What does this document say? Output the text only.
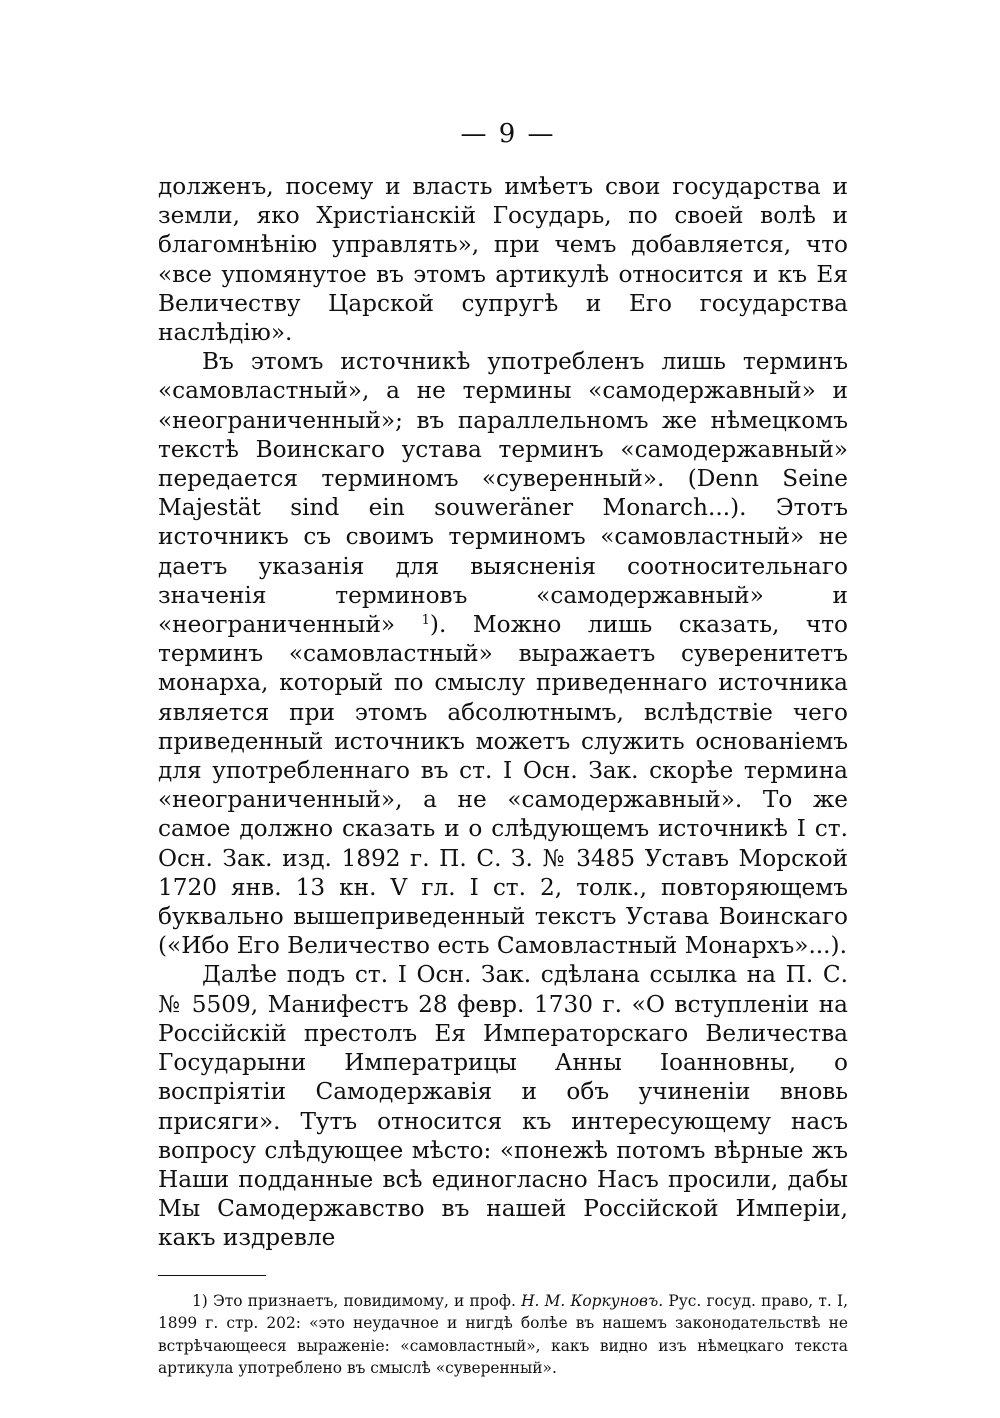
— 9 —

долженъ, посему и власть имѣетъ свои государства и земли, яко Христіанскій Государь, по своей волѣ и благомнѣнію управлять», при чемъ добавляется, что «все упомянутое въ этомъ артикулѣ относится и къ Ея Величеству Царской супругѣ и Его государства наслѣдію».

Въ этомъ источникѣ употребленъ лишь терминъ «самовластный», а не термины «самодержавный» и «неограниченный»; въ параллельномъ же нѣмецкомъ текстѣ Воинскаго устава терминъ «самодержавный» передается терминомъ «суверенный». (Denn Seine Majestät sind ein souweräner Monarch...). Этотъ источникъ съ своимъ терминомъ «самовластный» не даетъ указанія для выясненія соотносительнаго значенія терминовъ «самодержавный» и «неограниченный» $^1$). Можно лишь сказать, что терминъ «самовластный» выражаетъ суверенитетъ монарха, который по смыслу приведеннаго источника является при этомъ абсолютнымъ, вслѣдствіе чего приведенный источникъ можетъ служить основаніемъ для употребленнаго въ ст. I Осн. Зак. скорѣе термина «неограниченный», а не «самодержавный». То же самое должно сказать и о слѣдующемъ источникѣ I ст. Осн. Зак. изд. 1892 г. П. С. З. № 3485 Уставъ Морской 1720 янв. 13 кн. V гл. I ст. 2, толк., повторяющемъ буквально вышеприведенный текстъ Устава Воинскаго («Ибо Его Величество есть Самовластный Монархъ»...).

Далѣе подъ ст. I Осн. Зак. сдѣлана ссылка на П. С. № 5509, Манифестъ 28 февр. 1730 г. «О вступленіи на Россійскій престолъ Ея Императорскаго Величества Государыни Императрицы Анны Іоанновны, о воспріятіи Самодержавія и объ учиненіи вновь присяги». Тутъ относится къ интересующему насъ вопросу слѣдующее мѣсто: «понежѣ потомъ вѣрные жъ Наши подданные всѣ единогласно Насъ просили, дабы Мы Самодержавство въ нашей Россійской Имперіи, какъ издревле

1) Это признаетъ, повидимому, и проф. Н. М. Коркуновъ. Рус. госуд. право, т. I, 1899 г. стр. 202: «это неудачное и нигдѣ болѣе въ нашемъ законодательствѣ не встрѣчающееся выраженіе: «самовластный», какъ видно изъ нѣмецкаго текста артикула употреблено въ смыслѣ «суверенный».
